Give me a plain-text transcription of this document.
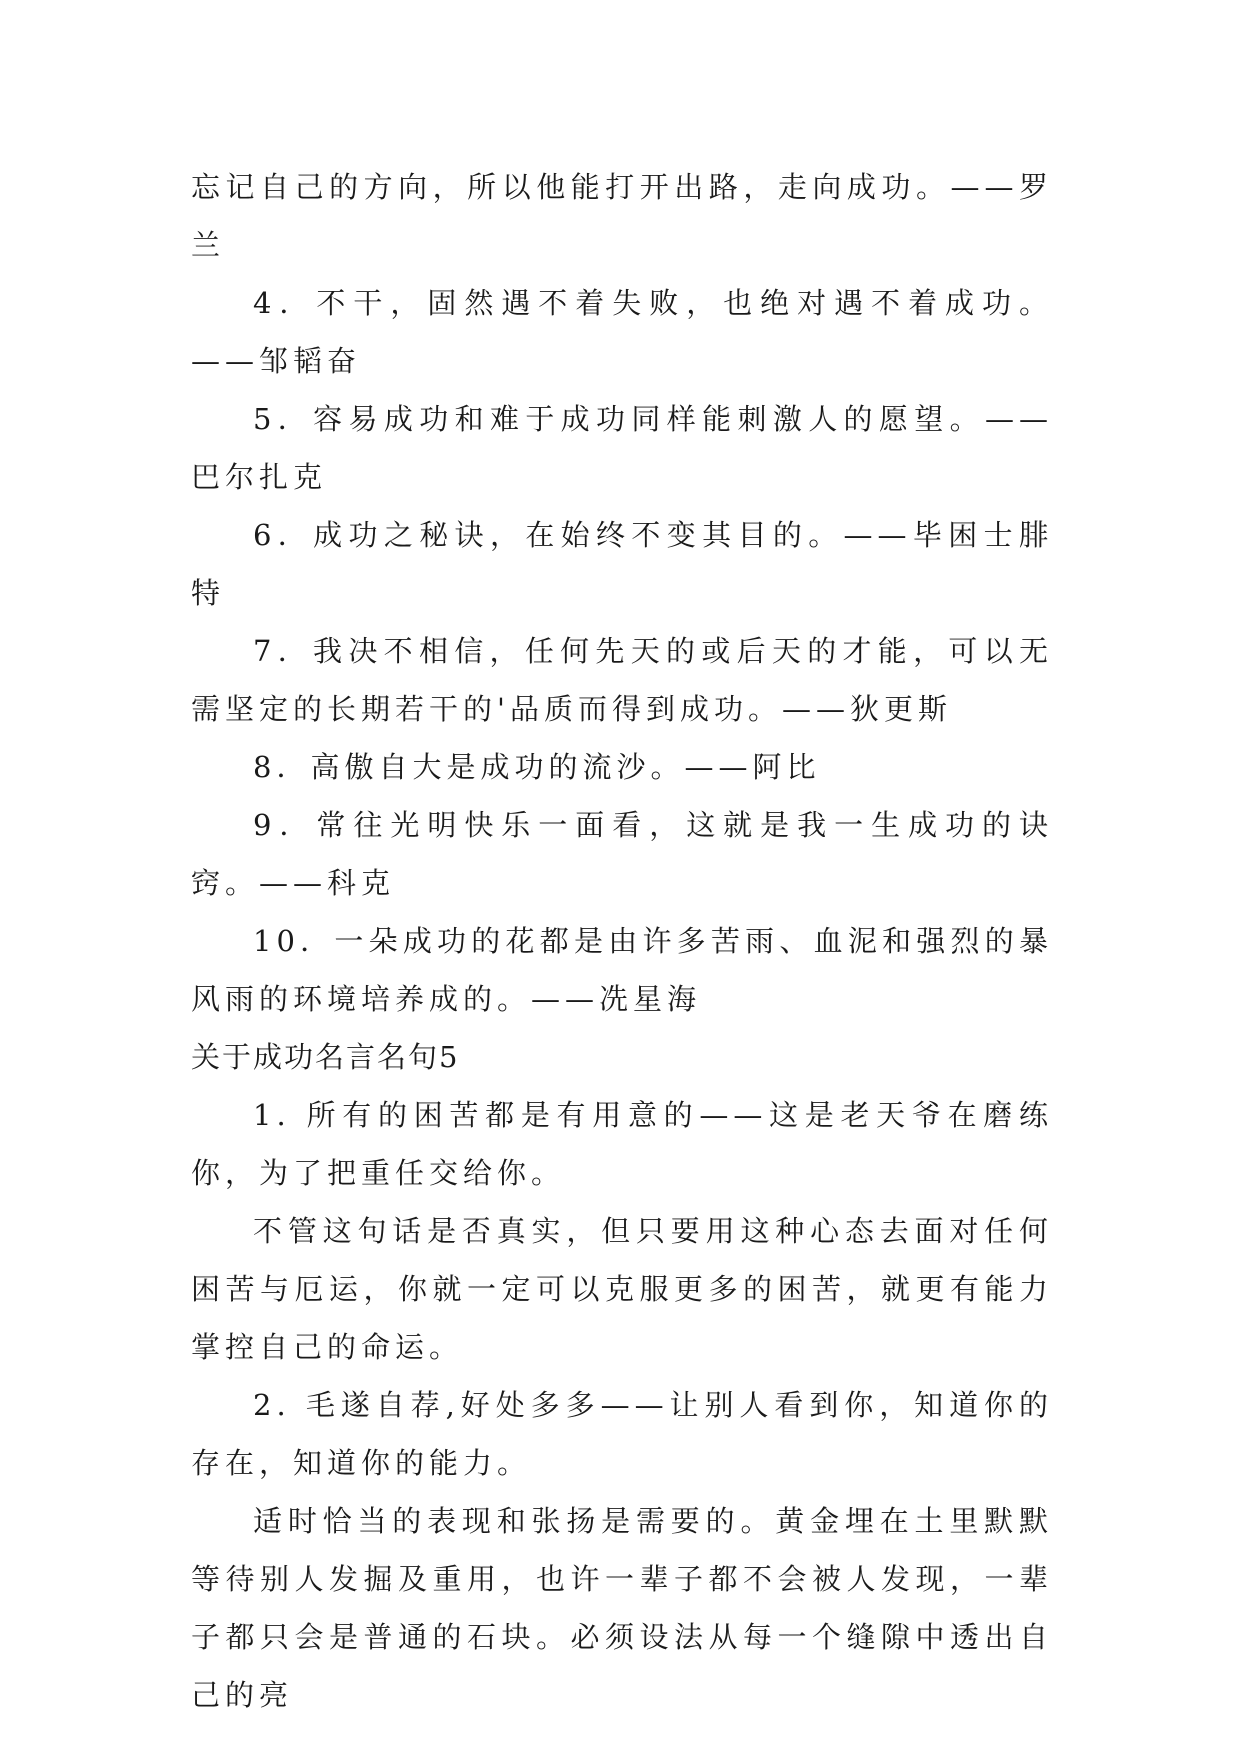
忘记自己的方向，所以他能打开出路，走向成功。——罗兰

4．不干，固然遇不着失败，也绝对遇不着成功。——邹韬奋

5．容易成功和难于成功同样能刺激人的愿望。——巴尔扎克

6．成功之秘诀，在始终不变其目的。——毕困士腓特

7．我决不相信，任何先天的或后天的才能，可以无需坚定的长期若干的'品质而得到成功。——狄更斯

8．高傲自大是成功的流沙。——阿比

9．常往光明快乐一面看，这就是我一生成功的诀窍。——科克

10．一朵成功的花都是由许多苦雨、血泥和强烈的暴风雨的环境培养成的。——冼星海

关于成功名言名句5

1. 所有的困苦都是有用意的——这是老天爷在磨练你，为了把重任交给你。

不管这句话是否真实，但只要用这种心态去面对任何困苦与厄运，你就一定可以克服更多的困苦，就更有能力掌控自己的命运。

2. 毛遂自荐,好处多多——让别人看到你，知道你的存在，知道你的能力。

适时恰当的表现和张扬是需要的。黄金埋在土里默默等待别人发掘及重用，也许一辈子都不会被人发现，一辈子都只会是普通的石块。必须设法从每一个缝隙中透出自己的亮
